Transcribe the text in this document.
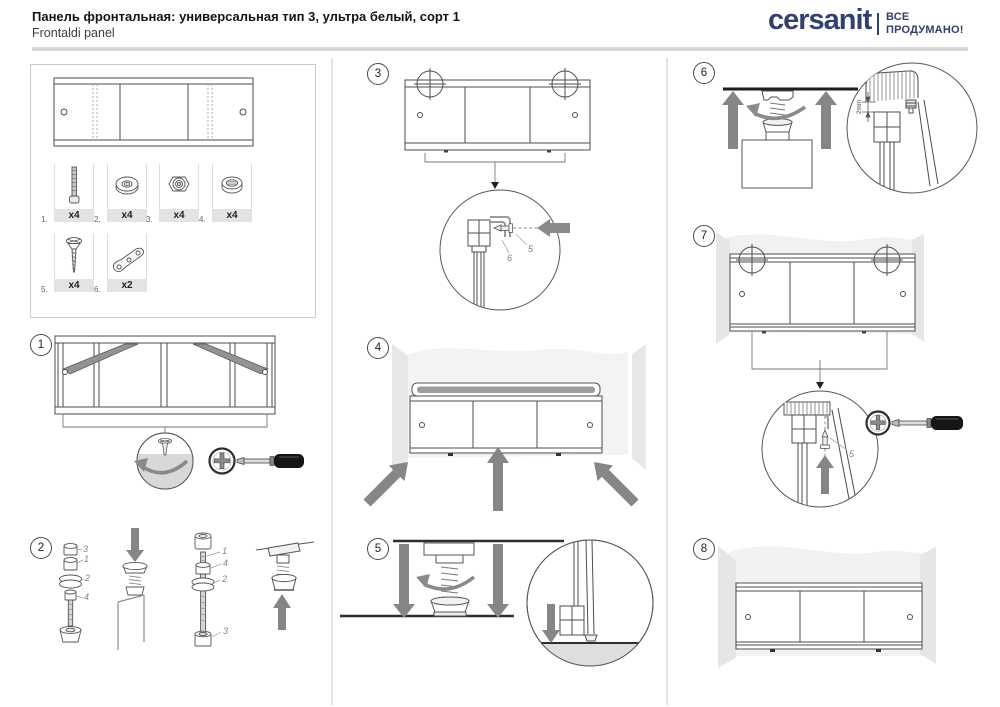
Панель фронтальная: универсальная тип 3, ультра белый, сорт 1
Frontaldi panel	cersanit ВСЕ
ПРОДУМАНО!
x4
1.	x4
2.	x4
3.	x4
4.
x4
5.	x2
6.
1
2
3
4
5
6
7
8
3
1
2
4
1
4
2
3
6
5
2mm
5
